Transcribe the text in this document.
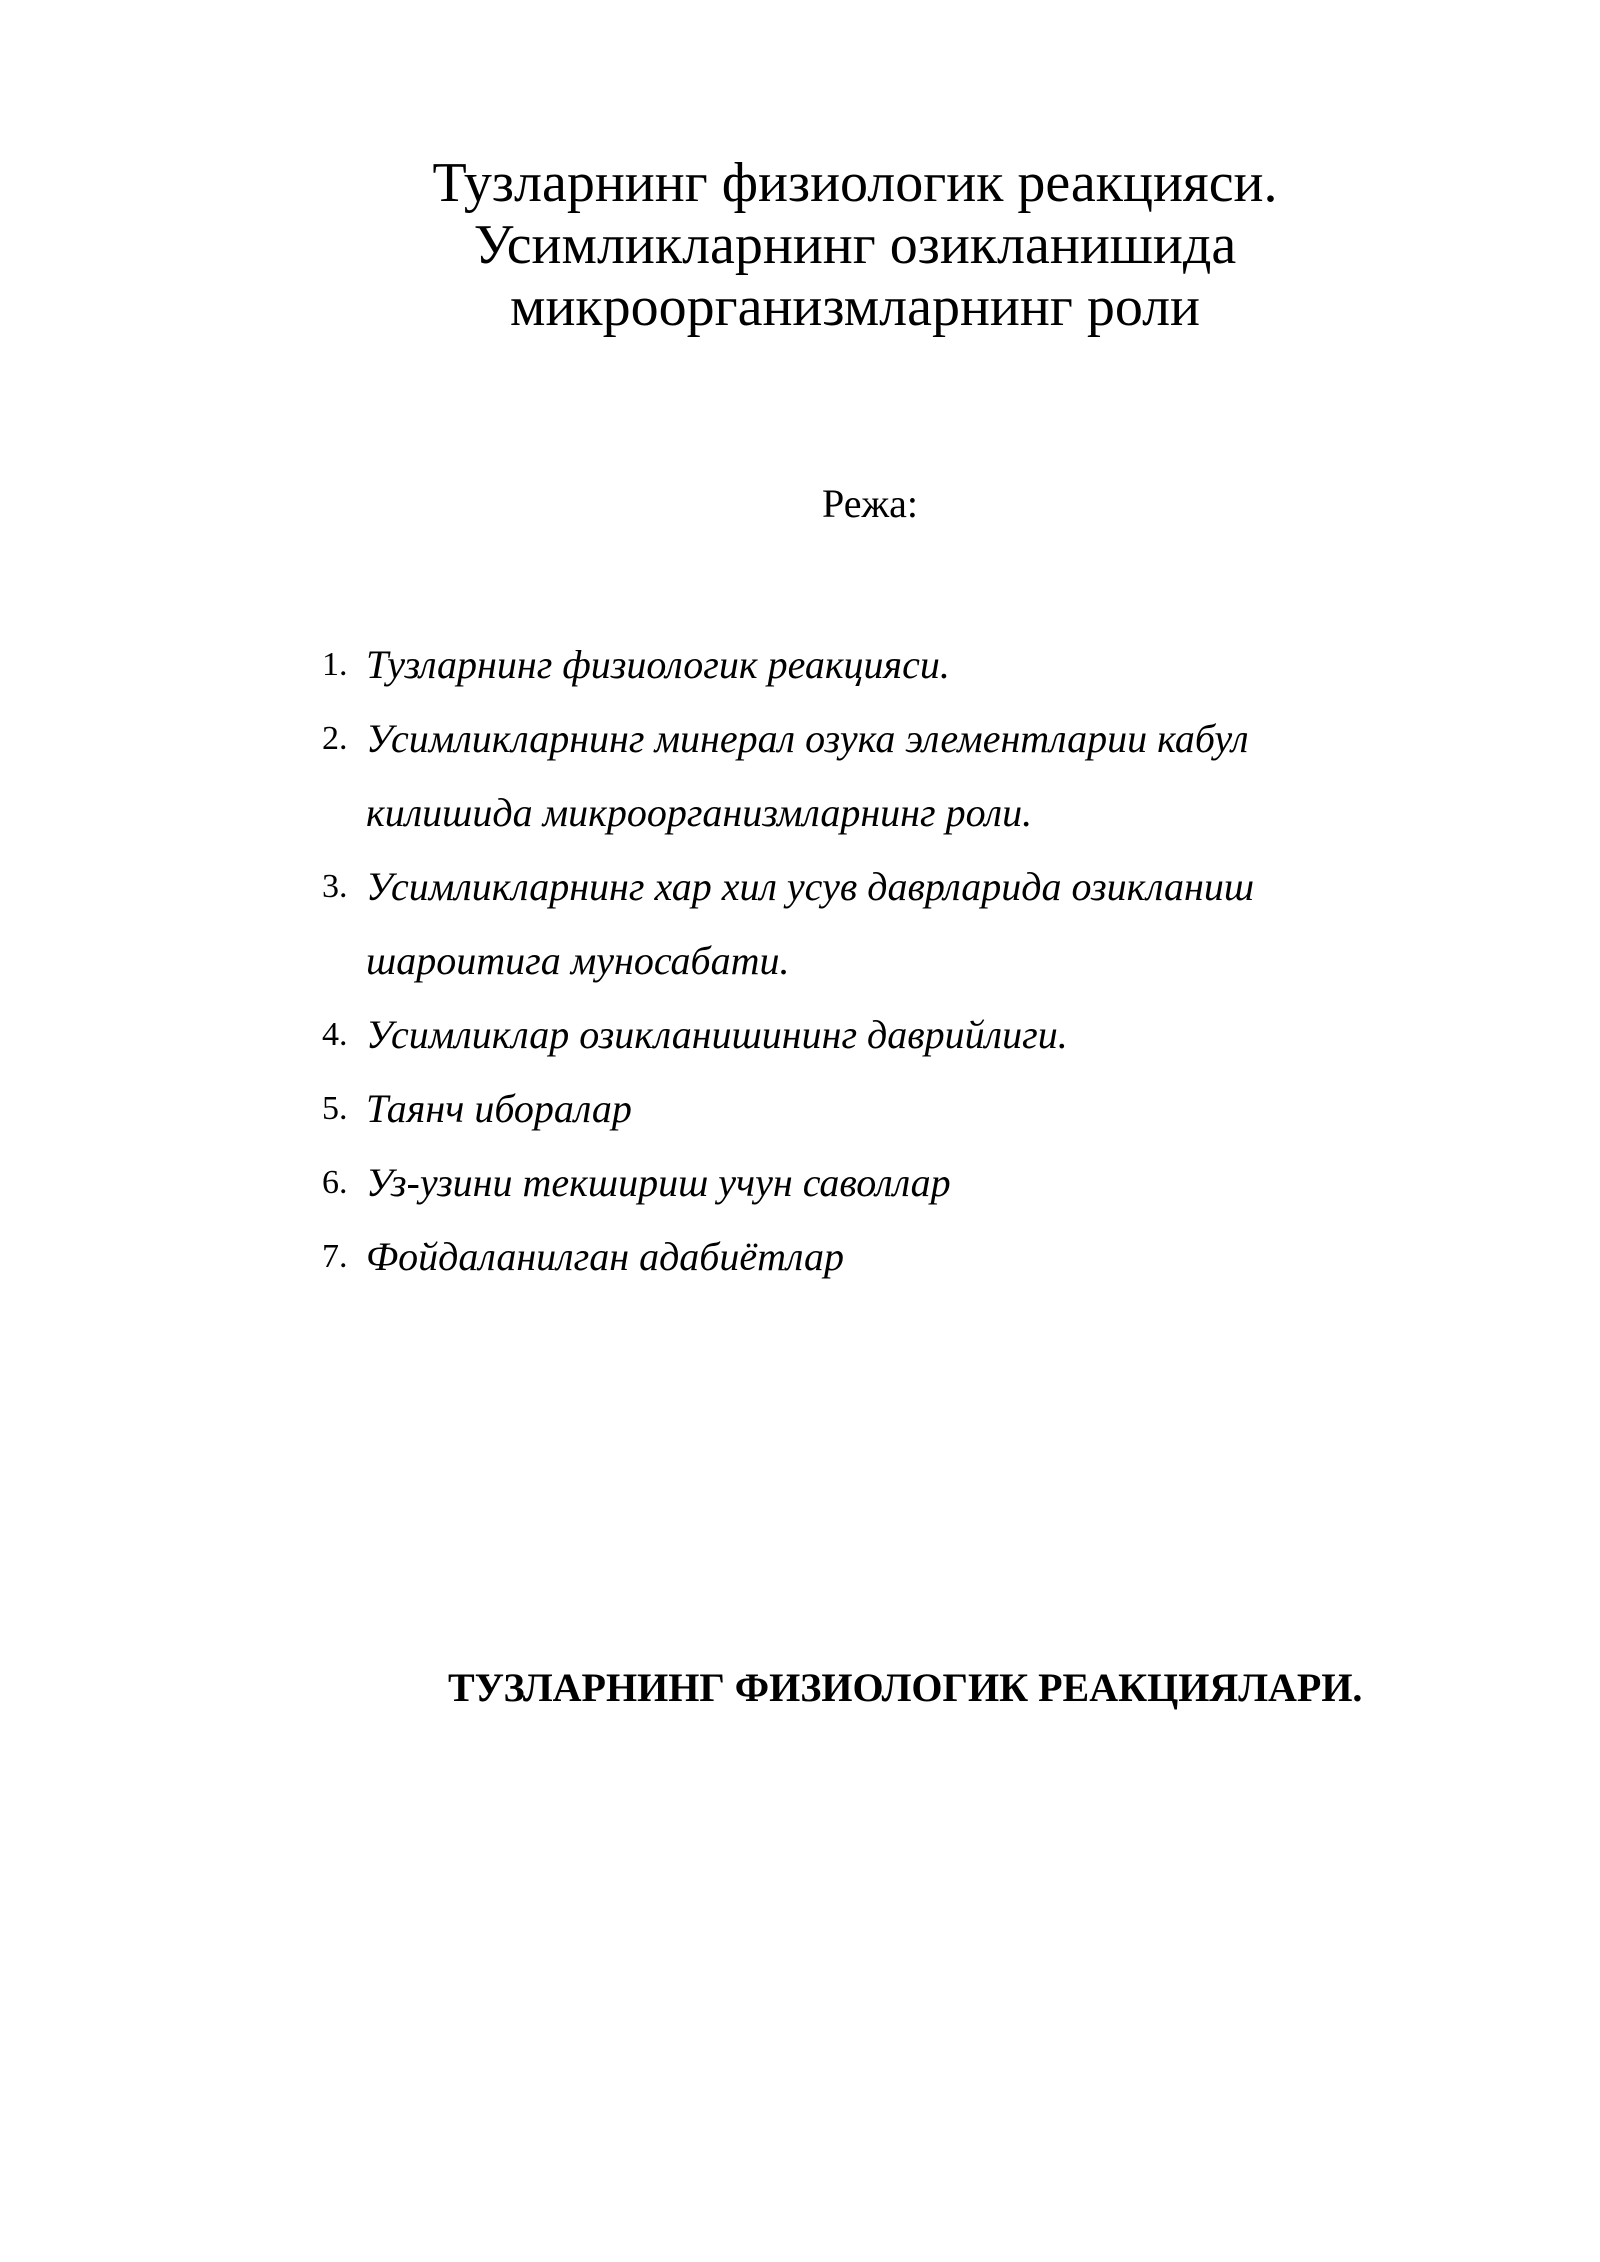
Тузларнинг физиологик реакцияси.
Усимликларнинг озикланишида
микроорганизмларнинг роли

Режа:

1. Тузларнинг физиологик реакцияси.
2. Усимликларнинг минерал озука элементларии кабул
килишида микроорганизмларнинг роли.
3. Усимликларнинг хар хил усув даврларида озикланиш
шароитига муносабати.
4. Усимликлар озикланишининг даврийлиги.
5. Таянч иборалар
6. Уз-узини текшириш учун саволлар
7. Фойдаланилган адабиётлар
ТУЗЛАРНИНГ ФИЗИОЛОГИК РЕАКЦИЯЛАРИ.
